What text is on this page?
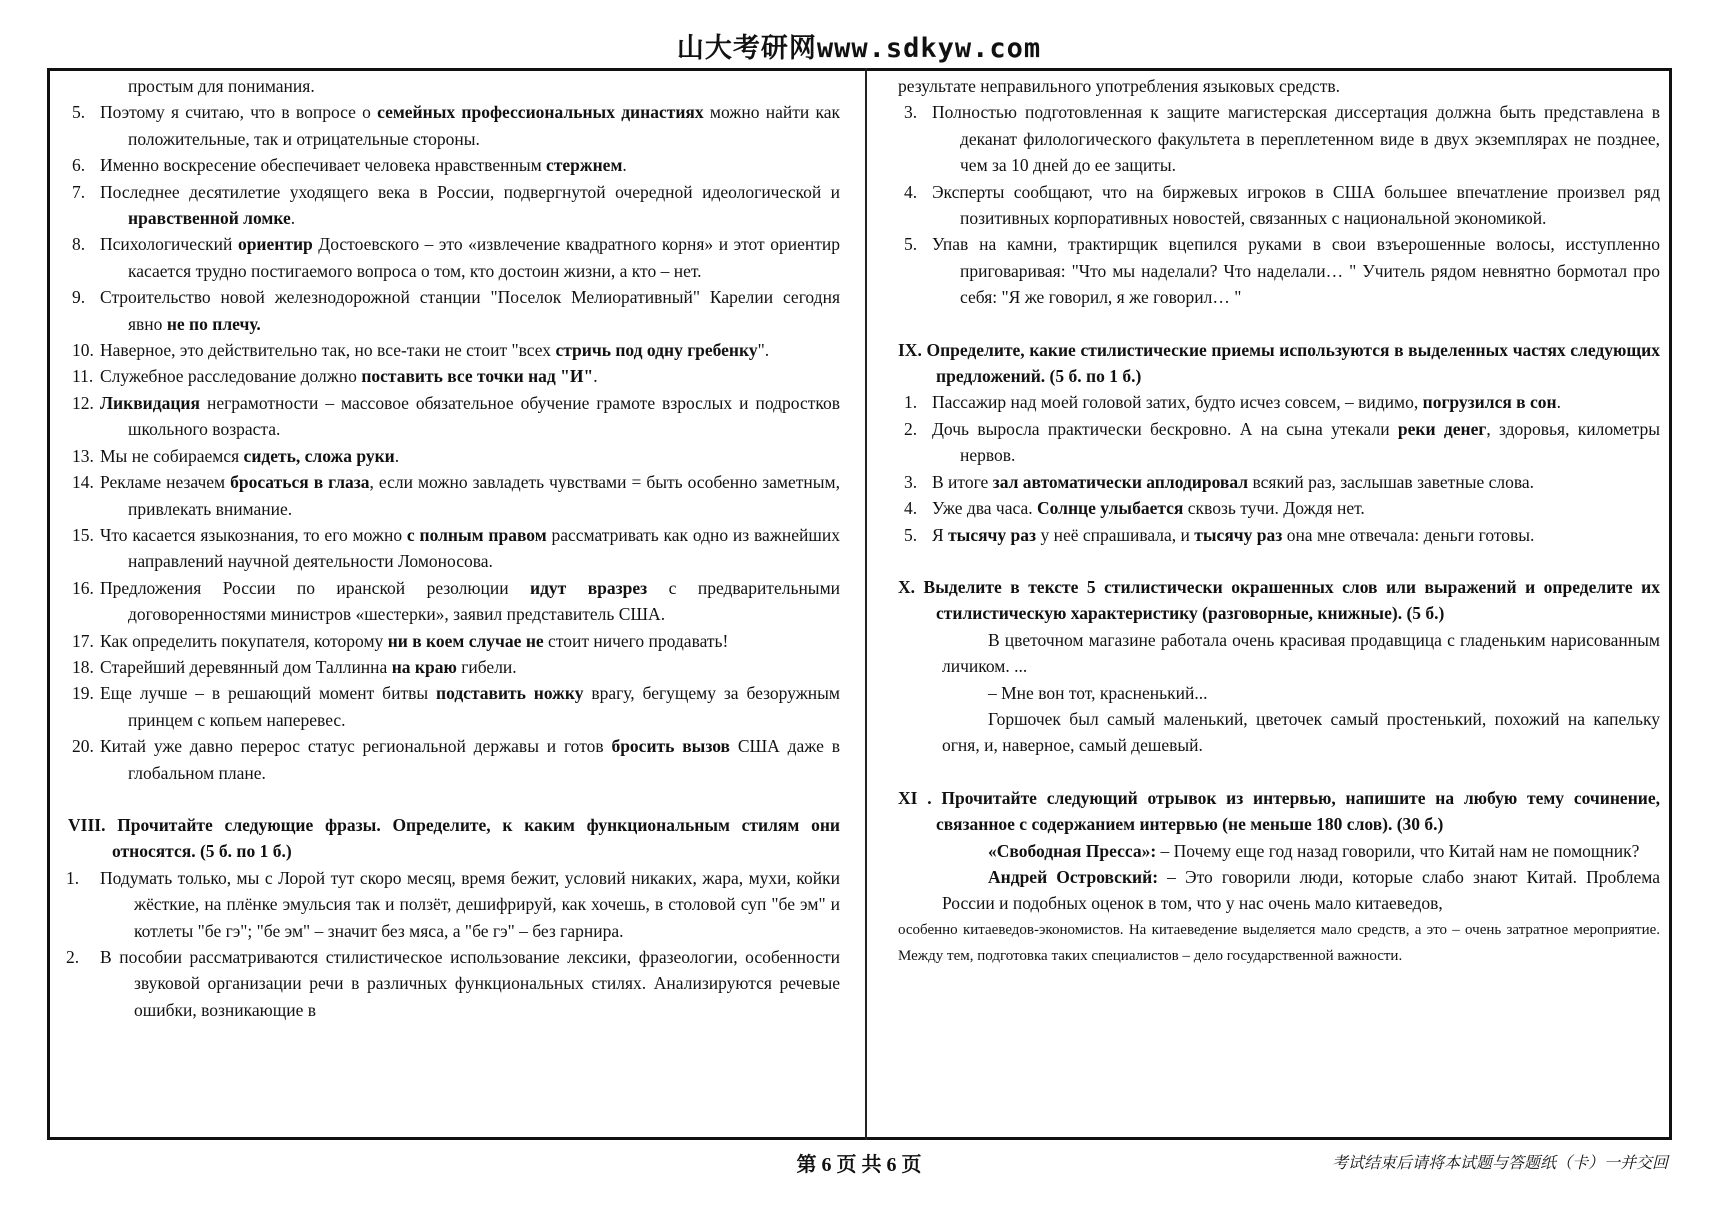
山大考研网www.sdkyw.com
простым для понимания.
5. Поэтому я считаю, что в вопросе о семейных профессиональных династиях можно найти как положительные, так и отрицательные стороны.
6. Именно воскресение обеспечивает человека нравственным стержнем.
7. Последнее десятилетие уходящего века в России, подвергнутой очередной идеологической и нравственной ломке.
8. Психологический ориентир Достоевского – это «извлечение квадратного корня» и этот ориентир касается трудно постигаемого вопроса о том, кто достоин жизни, а кто – нет.
9. Строительство новой железнодорожной станции "Поселок Мелиоративный" Карелии сегодня явно не по плечу.
10. Наверное, это действительно так, но все-таки не стоит "всех стричь под одну гребенку".
11. Служебное расследование должно поставить все точки над "И".
12. Ликвидация неграмотности – массовое обязательное обучение грамоте взрослых и подростков школьного возраста.
13. Мы не собираемся сидеть, сложа руки.
14. Рекламе незачем бросаться в глаза, если можно завладеть чувствами = быть особенно заметным, привлекать внимание.
15. Что касается языкознания, то его можно с полным правом рассматривать как одно из важнейших направлений научной деятельности Ломоносова.
16. Предложения России по иранской резолюции идут вразрез с предварительными договоренностями министров «шестерки», заявил представитель США.
17. Как определить покупателя, которому ни в коем случае не стоит ничего продавать!
18. Старейший деревянный дом Таллинна на краю гибели.
19. Еще лучше – в решающий момент битвы подставить ножку врагу, бегущему за безоружным принцем с копьем наперевес.
20. Китай уже давно перерос статус региональной державы и готов бросить вызов США даже в глобальном плане.
VIII. Прочитайте следующие фразы. Определите, к каким функциональным стилям они относятся. (5 б. по 1 б.)
1. Подумать только, мы с Лорой тут скоро месяц, время бежит, условий никаких, жара, мухи, койки жёсткие, на плёнке эмульсия так и ползёт, дешифрируй, как хочешь, в столовой суп "бе эм" и котлеты "бе гэ"; "бе эм" – значит без мяса, а "бе гэ" – без гарнира.
2. В пособии рассматриваются стилистическое использование лексики, фразеологии, особенности звуковой организации речи в различных функциональных стилях. Анализируются речевые ошибки, возникающие в
результате неправильного употребления языковых средств.
3. Полностью подготовленная к защите магистерская диссертация должна быть представлена в деканат филологического факультета в переплетенном виде в двух экземплярах не позднее, чем за 10 дней до ее защиты.
4. Эксперты сообщают, что на биржевых игроков в США большее впечатление произвел ряд позитивных корпоративных новостей, связанных с национальной экономикой.
5. Упав на камни, трактирщик вцепился руками в свои взъерошенные волосы, исступленно приговаривая: "Что мы наделали? Что наделали… " Учитель рядом невнятно бормотал про себя: "Я же говорил, я же говорил… "
IX. Определите, какие стилистические приемы используются в выделенных частях следующих предложений. (5 б. по 1 б.)
1. Пассажир над моей головой затих, будто исчез совсем, – видимо, погрузился в сон.
2. Дочь выросла практически бескровно. А на сына утекали реки денег, здоровья, километры нервов.
3. В итоге зал автоматически аплодировал всякий раз, заслышав заветные слова.
4. Уже два часа. Солнце улыбается сквозь тучи. Дождя нет.
5. Я тысячу раз у неё спрашивала, и тысячу раз она мне отвечала: деньги готовы.
X. Выделите в тексте 5 стилистически окрашенных слов или выражений и определите их стилистическую характеристику (разговорные, книжные). (5 б.)
В цветочном магазине работала очень красивая продавщица с гладеньким нарисованным личиком. ...
– Мне вон тот, красненький...
Горшочек был самый маленький, цветочек самый простенький, похожий на капельку огня, и, наверное, самый дешевый.
XI . Прочитайте следующий отрывок из интервью, напишите на любую тему сочинение, связанное с содержанием интервью (не меньше 180 слов). (30 б.)
«Свободная Пресса»: – Почему еще год назад говорили, что Китай нам не помощник?
Андрей Островский: – Это говорили люди, которые слабо знают Китай. Проблема России и подобных оценок в том, что у нас очень мало китаеведов,
особенно китаеведов-экономистов. На китаеведение выделяется мало средств, а это – очень затратное мероприятие. Между тем, подготовка таких специалистов – дело государственной важности.
第 6 页 共 6 页	考试结束后请将本试题与答题纸（卡）一并交回
